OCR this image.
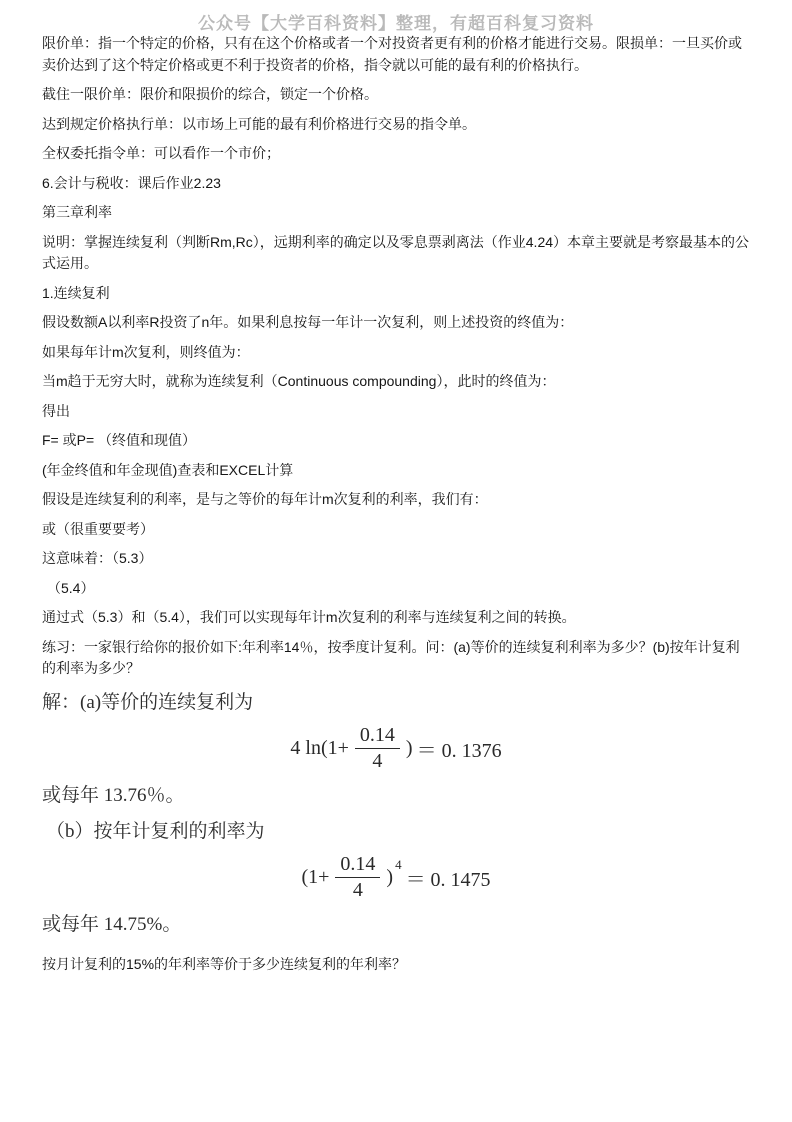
公众号【大学百科资料】整理，有超百科复习资料

限价单：指一个特定的价格，只有在这个价格或者一个对投资者更有利的价格才能进行交易。限损单：一旦买价或卖价达到了这个特定价格或更不利于投资者的价格，指令就以可能的最有利的价格执行。

截住一限价单：限价和限损价的综合，锁定一个价格。

达到规定价格执行单：以市场上可能的最有利价格进行交易的指令单。

全权委托指令单：可以看作一个市价；

6.会计与税收：课后作业2.23

第三章利率

说明：掌握连续复利（判断Rm,Rc），远期利率的确定以及零息票剥离法（作业4.24）本章主要就是考察最基本的公式运用。

1.连续复利

假设数额A以利率R投资了n年。如果利息按每一年计一次复利，则上述投资的终值为：

如果每年计m次复利，则终值为：

当m趋于无穷大时，就称为连续复利（Continuous compounding），此时的终值为：

得出

F= 或P= （终值和现值）

(年金终值和年金现值)查表和EXCEL计算

假设是连续复利的利率，是与之等价的每年计m次复利的利率，我们有：

或（很重要要考）

这意味着：（5.3）

（5.4）

通过式（5.3）和（5.4），我们可以实现每年计m次复利的利率与连续复利之间的转换。

练习：一家银行给你的报价如下:年利率14％，按季度计复利。问：(a)等价的连续复利利率为多少？(b)按年计复利的利率为多少？

解：(a)等价的连续复利为
4 $\ln(1+ \frac{0.14}{4}$ ) ＝ 0. 1376
或每年 13.76％。
（b）按年计复利的利率为
($1+ \frac{0.14}{4}$ )
4
＝ 0. 1475
或每年 14.75%。

按月计复利的15%的年利率等价于多少连续复利的年利率？
